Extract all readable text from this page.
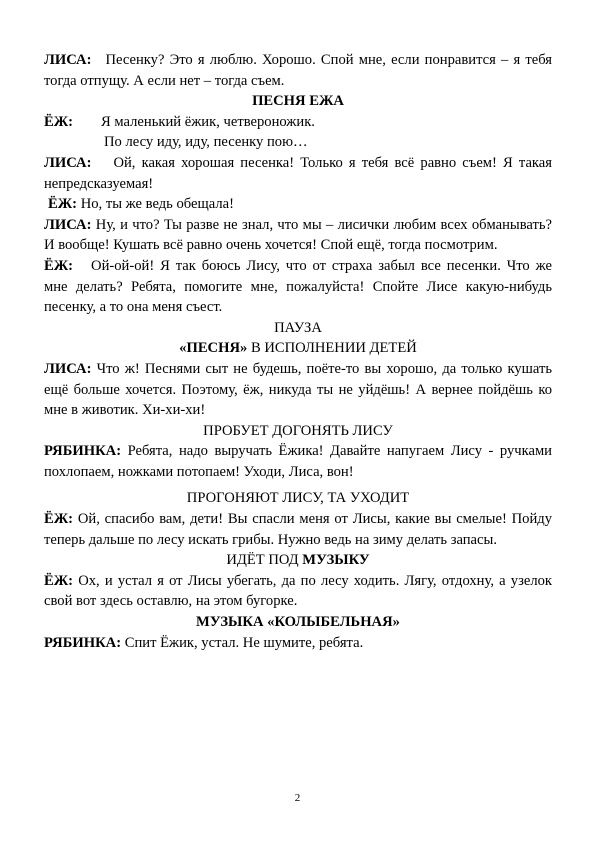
ЛИСА: Песенку? Это я люблю. Хорошо. Спой мне, если понравится – я тебя тогда отпущу. А если нет – тогда съем.

ПЕСНЯ ЕЖА

ЁЖ: Я маленький ёжик, четвероножик.

По лесу иду, иду, песенку пою…

ЛИСА: Ой, какая хорошая песенка! Только я тебя всё равно съем! Я такая непредсказуемая!

ЁЖ: Но, ты же ведь обещала!

ЛИСА: Ну, и что? Ты разве не знал, что мы – лисички любим всех обманывать? И вообще! Кушать всё равно очень хочется! Спой ещё, тогда посмотрим.

ЁЖ: Ой-ой-ой! Я так боюсь Лису, что от страха забыл все песенки. Что же мне делать? Ребята, помогите мне, пожалуйста! Спойте Лисе какую-нибудь песенку, а то она меня съест.

ПАУЗА

«ПЕСНЯ» В ИСПОЛНЕНИИ ДЕТЕЙ

ЛИСА: Что ж! Песнями сыт не будешь, поёте-то вы хорошо, да только кушать ещё больше хочется. Поэтому, ёж, никуда ты не уйдёшь! А вернее пойдёшь ко мне в животик. Хи-хи-хи!

ПРОБУЕТ ДОГОНЯТЬ ЛИСУ

РЯБИНКА: Ребята, надо выручать Ёжика! Давайте напугаем Лису - ручками похлопаем, ножками потопаем! Уходи, Лиса, вон!

ПРОГОНЯЮТ ЛИСУ, ТА УХОДИТ

ЁЖ: Ой, спасибо вам, дети! Вы спасли меня от Лисы, какие вы смелые! Пойду теперь дальше по лесу искать грибы. Нужно ведь на зиму делать запасы.

ИДЁТ ПОД МУЗЫКУ

ЁЖ: Ох, и устал я от Лисы убегать, да по лесу ходить. Лягу, отдохну, а узелок свой вот здесь оставлю, на этом бугорке.

МУЗЫКА «КОЛЫБЕЛЬНАЯ»

РЯБИНКА: Спит Ёжик, устал. Не шумите, ребята.

2
